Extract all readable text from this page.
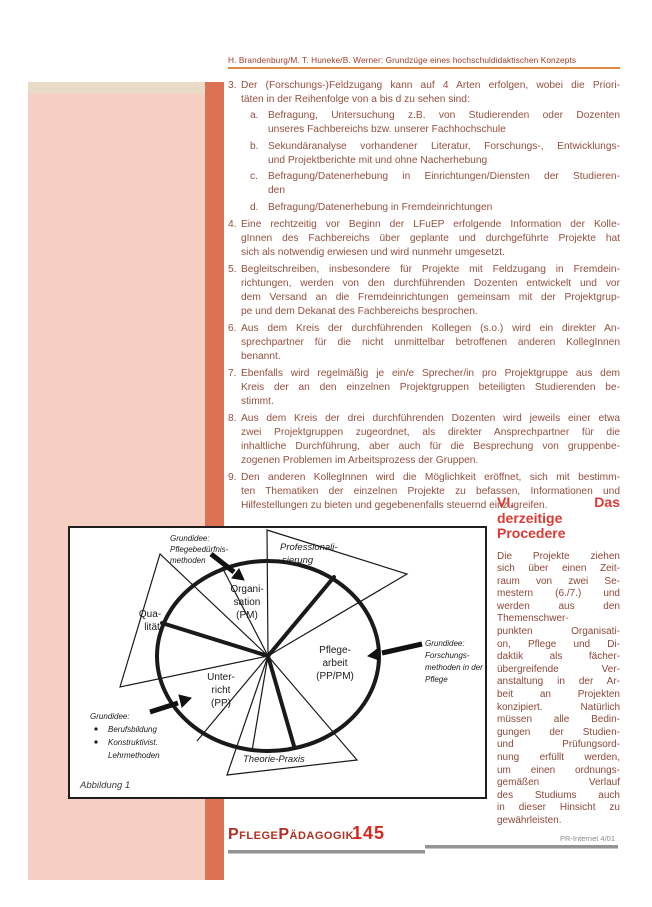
H. Brandenburg/M. T. Huneke/B. Werner: Grundzüge eines hochschuldidaktischen Konzepts
3. Der (Forschungs-)Feldzugang kann auf 4 Arten erfolgen, wobei die Priori-
täten in der Reihenfolge von a bis d zu sehen sind:
a. Befragung, Untersuchung z.B. von Studierenden oder Dozenten
unseres Fachbereichs bzw. unserer Fachhochschule
b. Sekundäranalyse vorhandener Literatur, Forschungs-, Entwicklungs-
und Projektberichte mit und ohne Nacherhebung
c. Befragung/Datenerhebung in Einrichtungen/Diensten der Studieren-
den
d. Befragung/Datenerhebung in Fremdeinrichtungen
4. Eine rechtzeitig vor Beginn der LFuEP erfolgende Information der Kolle-
gInnen des Fachbereichs über geplante und durchgeführte Projekte hat
sich als notwendig erwiesen und wird nunmehr umgesetzt.
5. Begleitschreiben, insbesondere für Projekte mit Feldzugang in Fremdein-
richtungen, werden von den durchführenden Dozenten entwickelt und vor
dem Versand an die Fremdeinrichtungen gemeinsam mit der Projektgrup-
pe und dem Dekanat des Fachbereichs besprochen.
6. Aus dem Kreis der durchführenden Kollegen (s.o.) wird ein direkter An-
sprechpartner für die nicht unmittelbar betroffenen anderen KollegInnen
benannt.
7. Ebenfalls wird regelmäßig je ein/e Sprecher/in pro Projektgruppe aus dem
Kreis der an den einzelnen Projektgruppen beteiligten Studierenden be-
stimmt.
8. Aus dem Kreis der drei durchführenden Dozenten wird jeweils einer etwa
zwei Projektgruppen zugeordnet, als direkter Ansprechpartner für die
inhaltliche Durchführung, aber auch für die Besprechung von gruppenbe-
zogenen Problemen im Arbeitsprozess der Gruppen.
9. Den anderen KollegInnen wird die Möglichkeit eröffnet, sich mit bestimm-
ten Thematiken der einzelnen Projekte zu befassen, Informationen und
Hilfestellungen zu bieten und gegebenenfalls steuernd einzugreifen.
VI. Das
derzeitige
Procedere
Die Projekte ziehen
sich über einen Zeit-
raum von zwei Se-
mestern (6./7.) und
werden aus den
Themenschwer-
punkten Organisati-
on, Pflege und Di-
daktik als fächer-
übergreifende Ver-
anstaltung in der Ar-
beit an Projekten
konzipiert. Natürlich
müssen alle Bedin-
gungen der Studien-
und Prüfungsord-
nung erfüllt werden,
um einen ordnungs-
gemäßen Verlauf
des Studiums auch
in dieser Hinsicht zu
gewährleisten.
Organi-
sation
(PM)
Qua-
lität
Pflege-
arbeit
(PP/PM)
Unter-
richt
(PP)
Professionali-
sierung
Theorie-Praxis
Grundidee:
Pflegebedürfnis-
methoden
Grundidee:
Forschungs-
methoden in der
Pflege
Grundidee:
Berufsbildung
Konstruktivist.
Lehrmethoden
Abbildung 1
PflegePädagogik
145	PR-Internet 4/01
